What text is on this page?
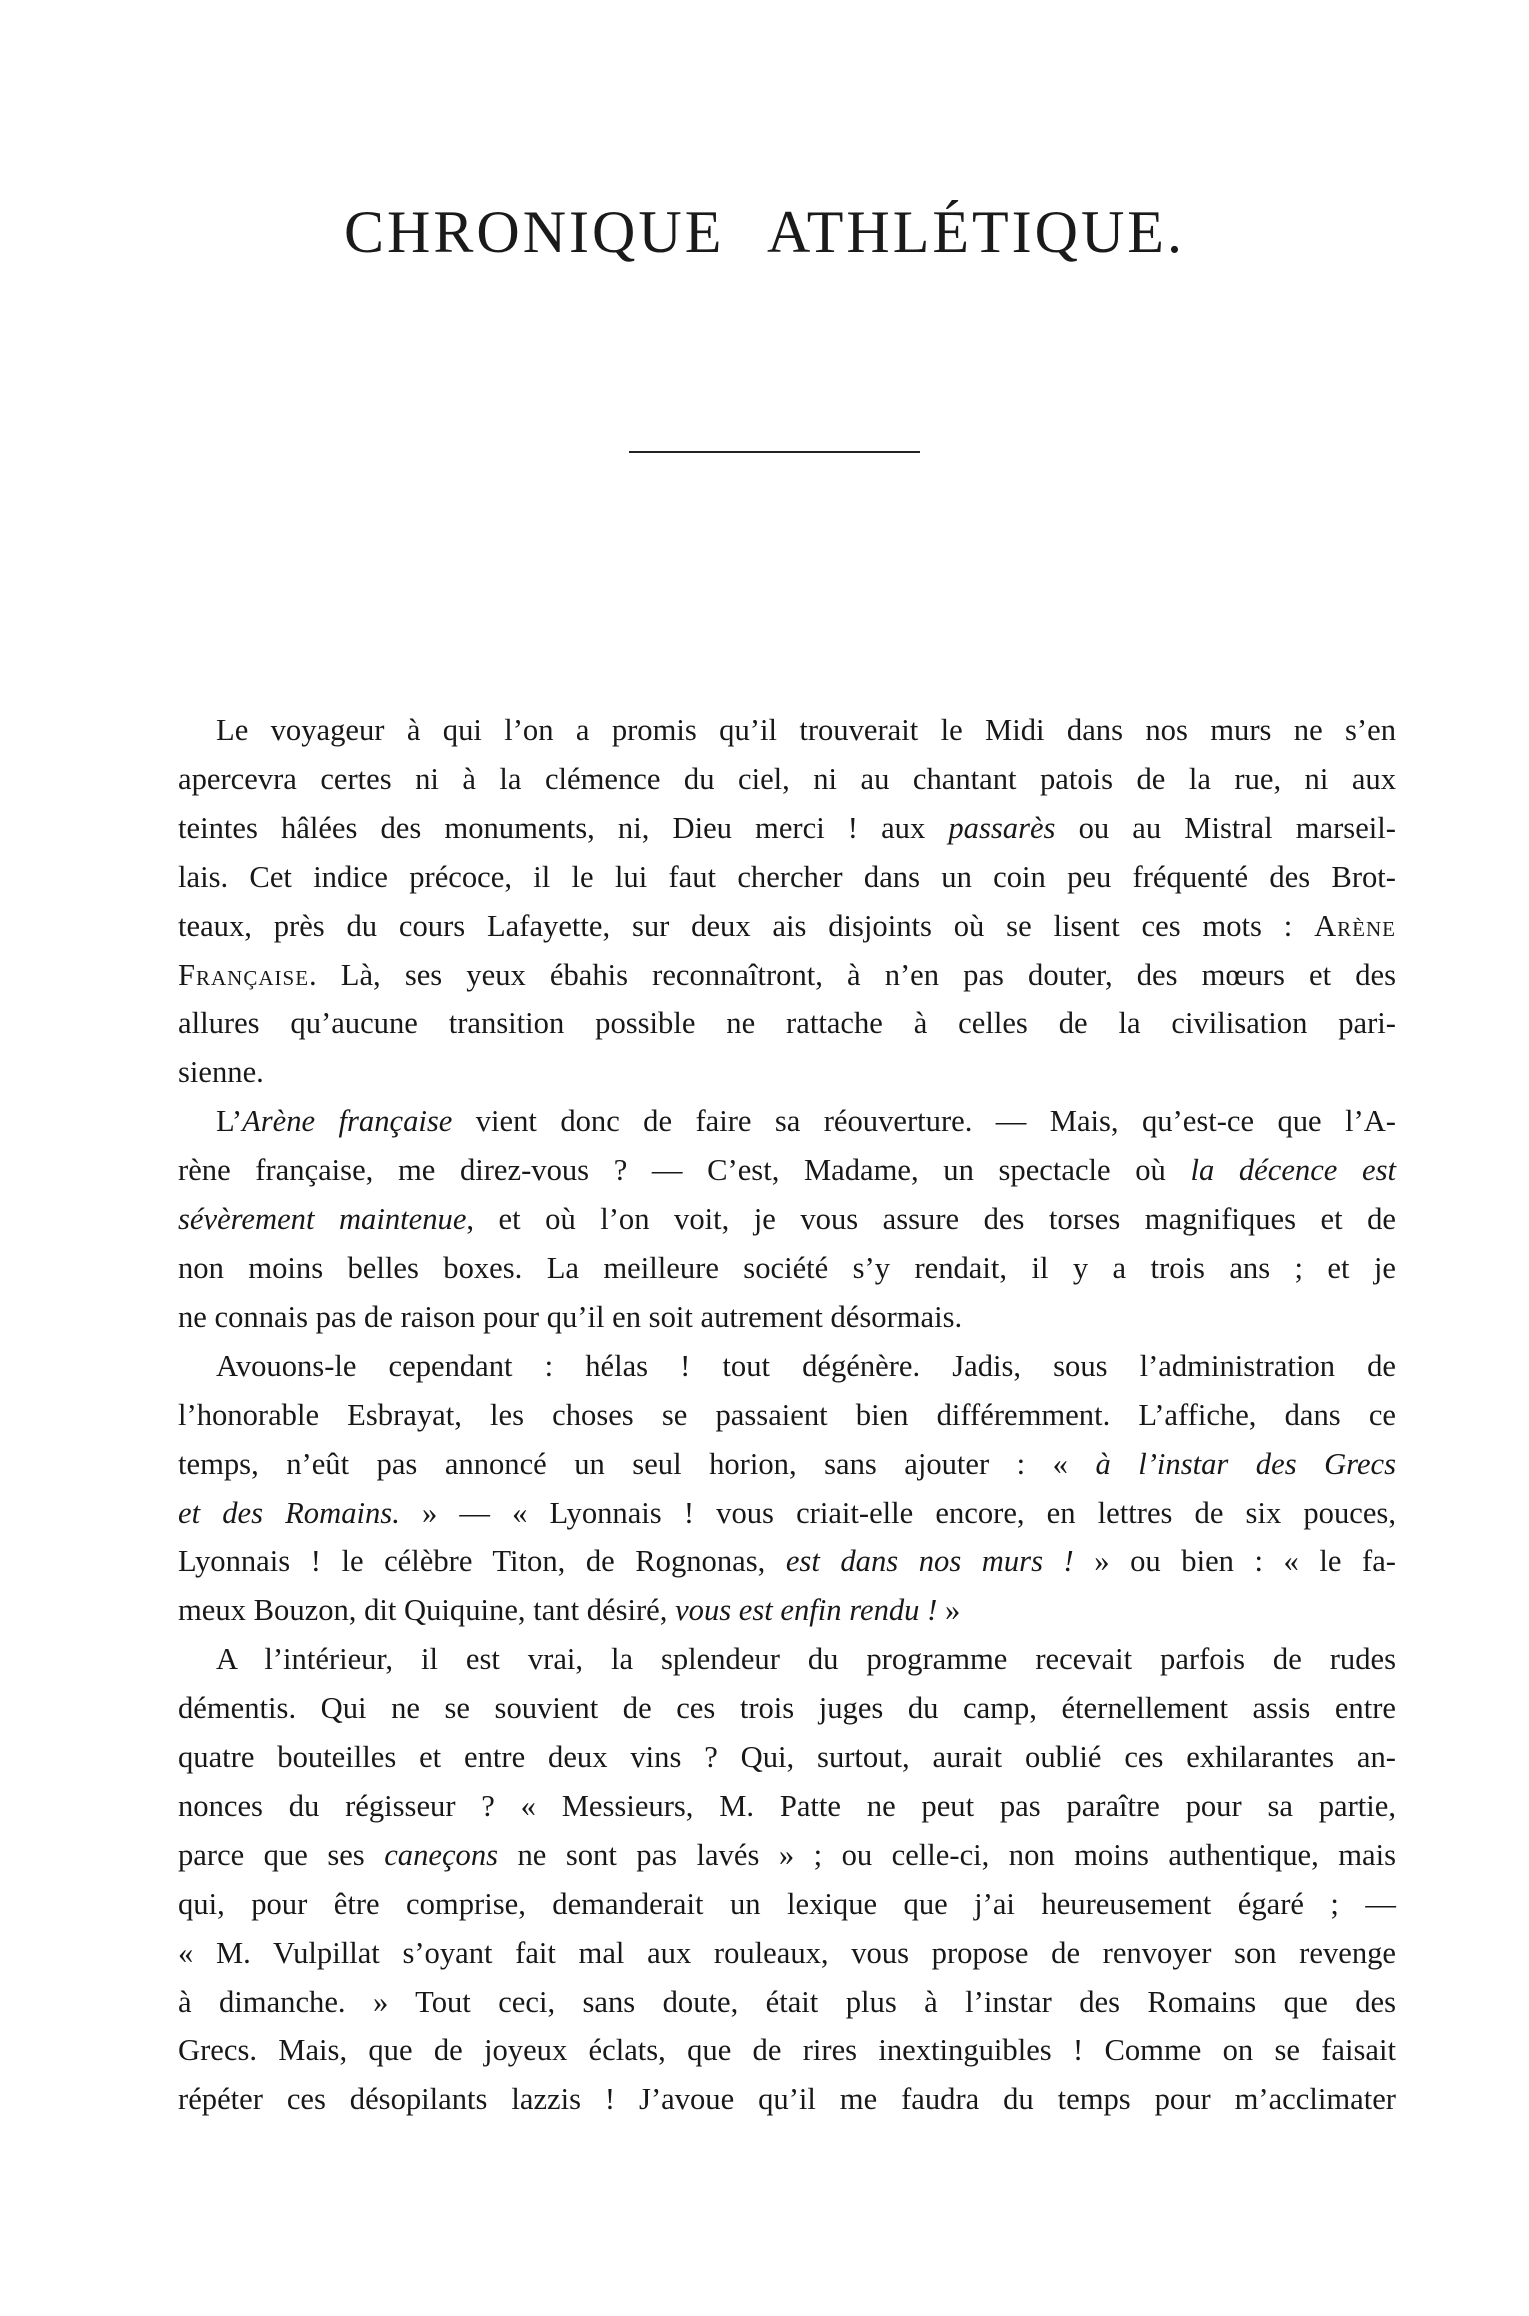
CHRONIQUE ATHLÉTIQUE.

Le voyageur à qui l’on a promis qu’il trouverait le Midi dans nos murs ne s’en
apercevra certes ni à la clémence du ciel, ni au chantant patois de la rue, ni aux
teintes hâlées des monuments, ni, Dieu merci ! aux passarès ou au Mistral marseil-
lais. Cet indice précoce, il le lui faut chercher dans un coin peu fréquenté des Brot-
teaux, près du cours Lafayette, sur deux ais disjoints où se lisent ces mots : Arène
Française. Là, ses yeux ébahis reconnaîtront, à n’en pas douter, des mœurs et des
allures qu’aucune transition possible ne rattache à celles de la civilisation pari-
sienne.

L’Arène française vient donc de faire sa réouverture. — Mais, qu’est-ce que l’A-
rène française, me direz-vous ? — C’est, Madame, un spectacle où la décence est
sévèrement maintenue, et où l’on voit, je vous assure des torses magnifiques et de
non moins belles boxes. La meilleure société s’y rendait, il y a trois ans ; et je
ne connais pas de raison pour qu’il en soit autrement désormais.

Avouons-le cependant : hélas ! tout dégénère. Jadis, sous l’administration de
l’honorable Esbrayat, les choses se passaient bien différemment. L’affiche, dans ce
temps, n’eût pas annoncé un seul horion, sans ajouter : « à l’instar des Grecs
et des Romains. » — « Lyonnais ! vous criait-elle encore, en lettres de six pouces,
Lyonnais ! le célèbre Titon, de Rognonas, est dans nos murs ! » ou bien : « le fa-
meux Bouzon, dit Quiquine, tant désiré, vous est enfin rendu ! »

A l’intérieur, il est vrai, la splendeur du programme recevait parfois de rudes
démentis. Qui ne se souvient de ces trois juges du camp, éternellement assis entre
quatre bouteilles et entre deux vins ? Qui, surtout, aurait oublié ces exhilarantes an-
nonces du régisseur ? « Messieurs, M. Patte ne peut pas paraître pour sa partie,
parce que ses caneçons ne sont pas lavés » ; ou celle-ci, non moins authentique, mais
qui, pour être comprise, demanderait un lexique que j’ai heureusement égaré ; —
« M. Vulpillat s’oyant fait mal aux rouleaux, vous propose de renvoyer son revenge
à dimanche. » Tout ceci, sans doute, était plus à l’instar des Romains que des
Grecs. Mais, que de joyeux éclats, que de rires inextinguibles ! Comme on se faisait
répéter ces désopilants lazzis ! J’avoue qu’il me faudra du temps pour m’acclimater
